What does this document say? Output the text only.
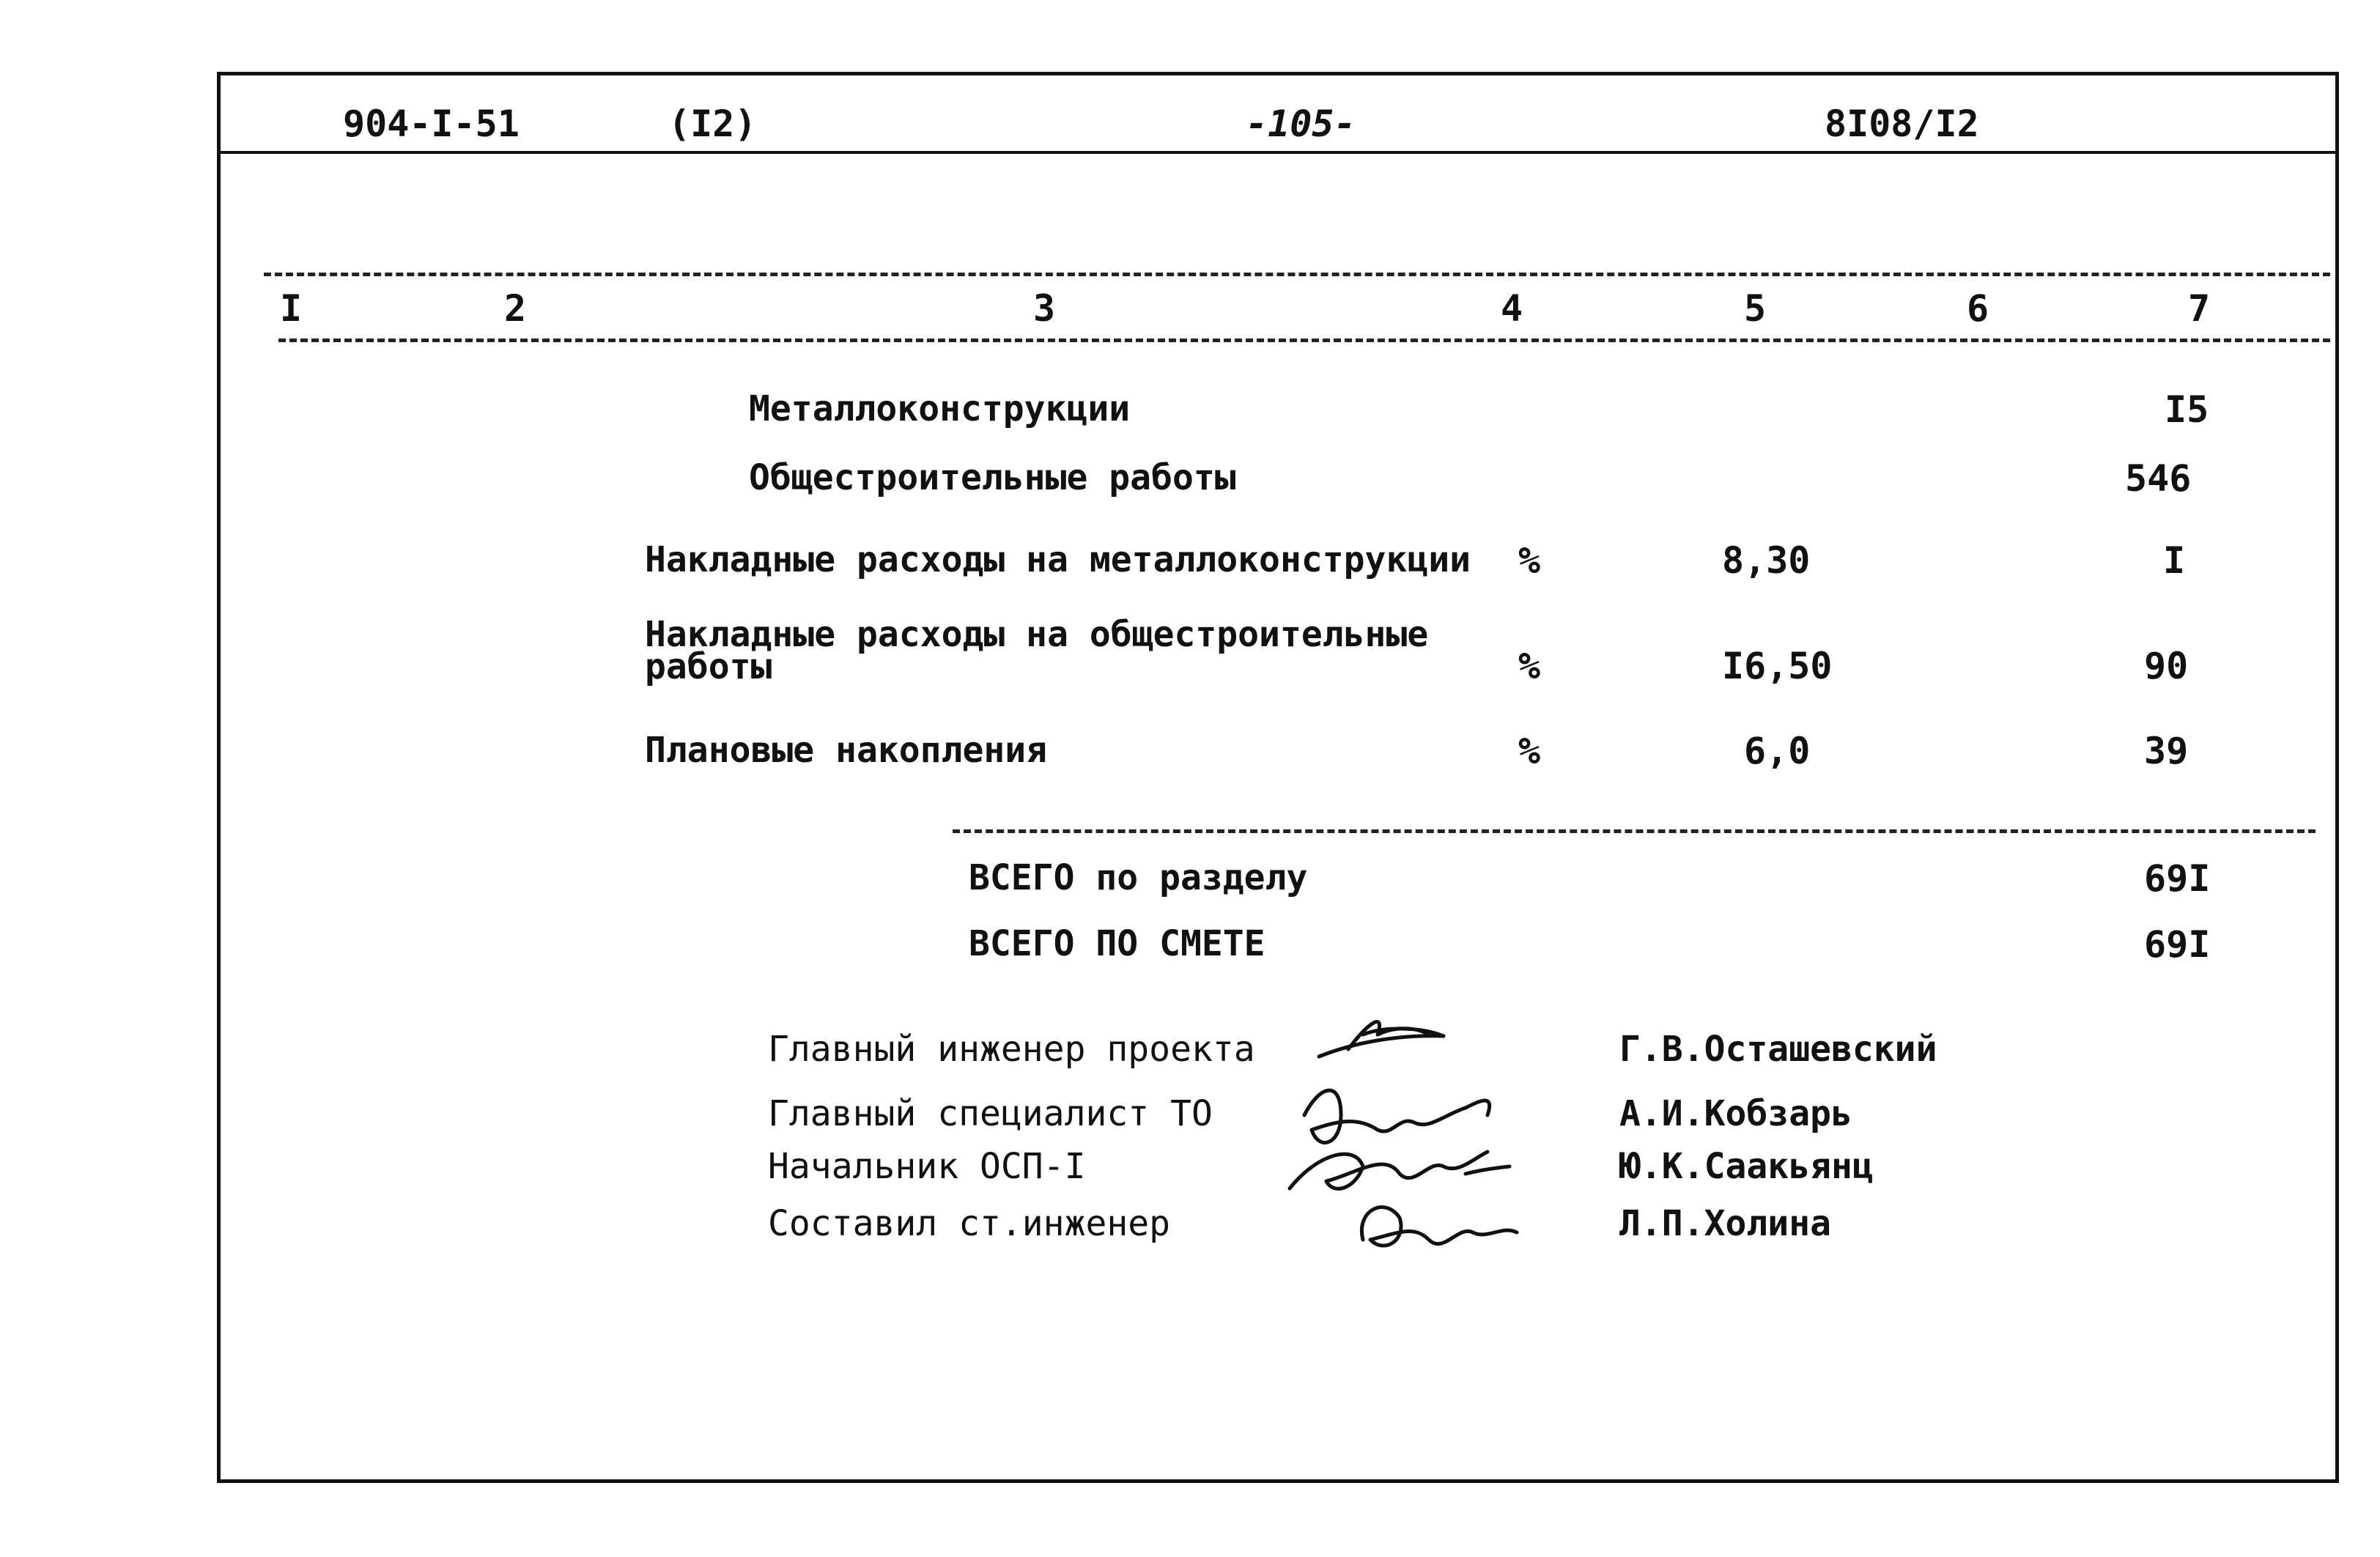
904-I-51	(I2)	-105-	8I08/I2
I	2	3	4	5	6	7
Металлоконструкции	I5
Общестроительные работы	546
Накладные расходы на металлоконструкции %	8,30	I
Накладные расходы на общестроительные
работы	%	I6,50	90
Плановые накопления	%	6,0	39
ВСЕГО по разделу	69I
ВСЕГО ПО СМЕТЕ	69I
Главный инженер проекта	Г.В.Осташевский
Главный специалист ТО	А.И.Кобзарь
Начальник ОСП-I	Ю.К.Саакьянц
Составил ст.инженер	Л.П.Холина
